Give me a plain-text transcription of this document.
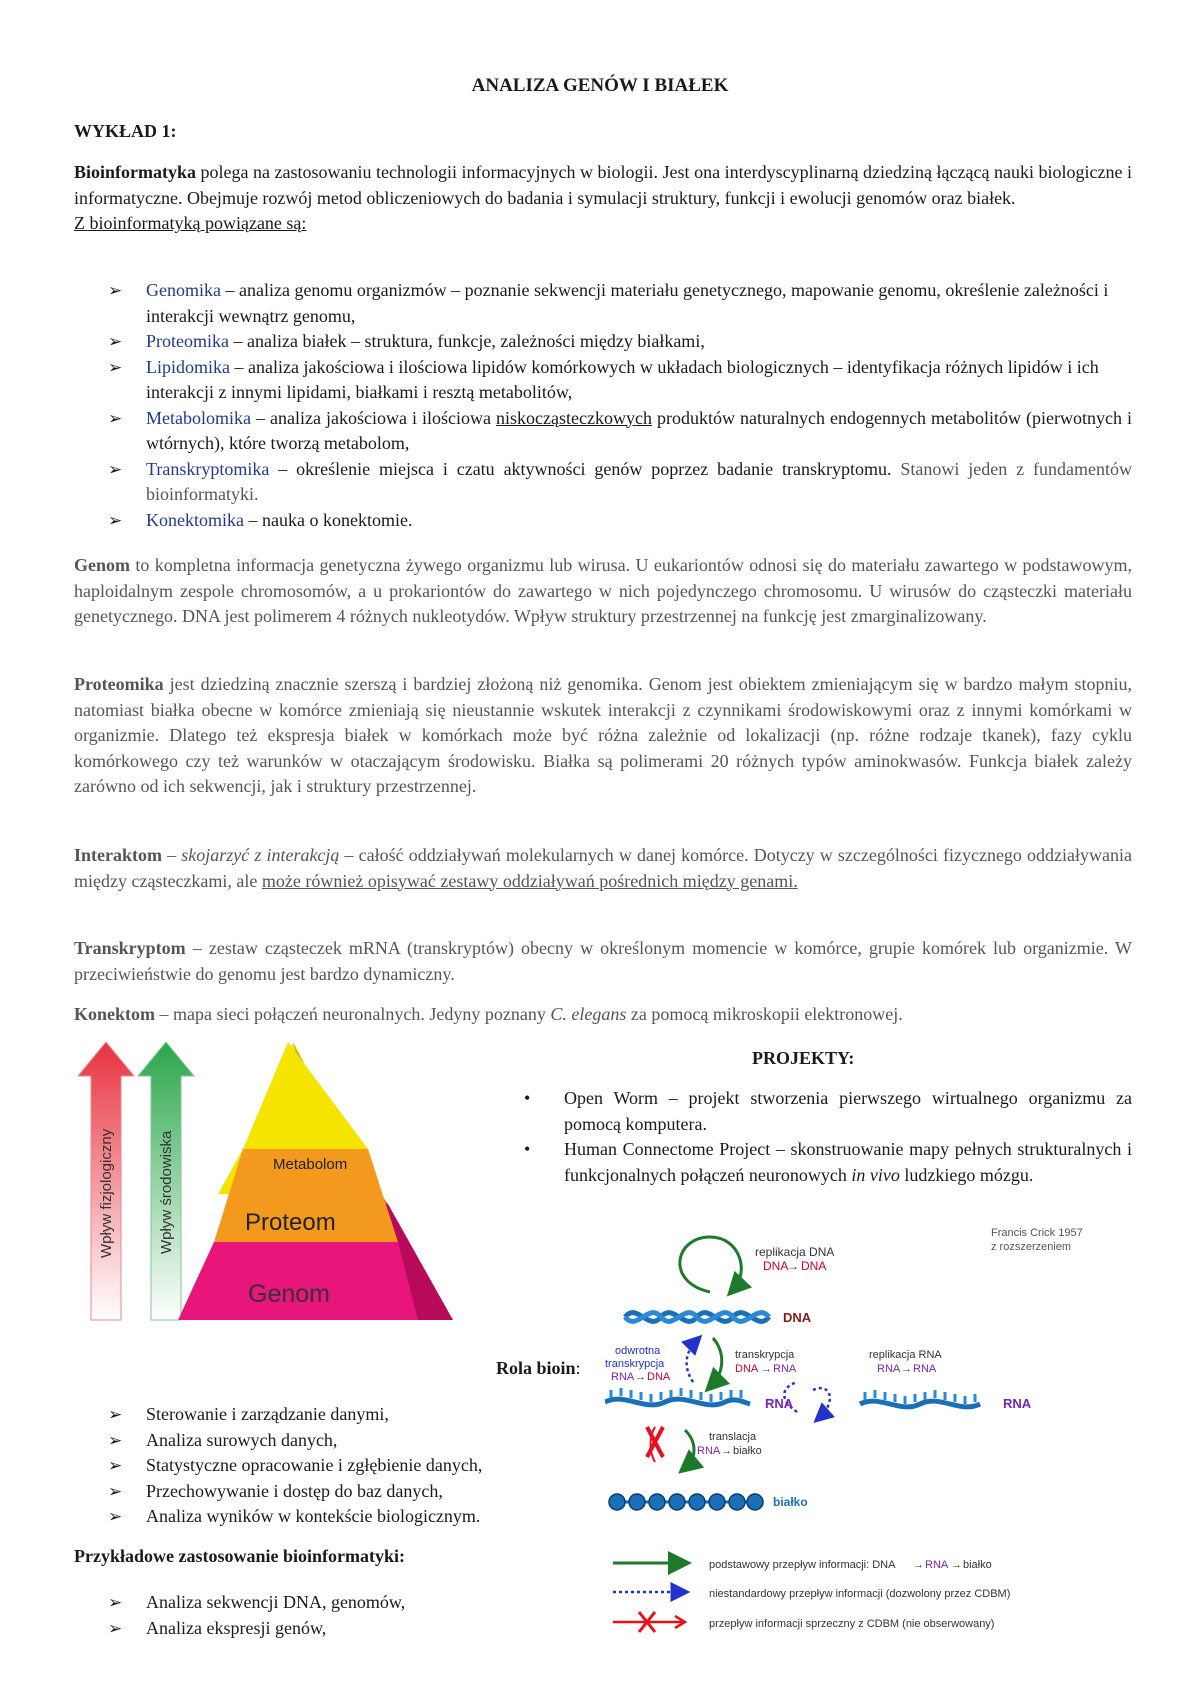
ANALIZA GENÓW I BIAŁEK
WYKŁAD 1:
Bioinformatyka polega na zastosowaniu technologii informacyjnych w biologii. Jest ona interdyscyplinarną dziedziną łączącą nauki biologiczne i informatyczne. Obejmuje rozwój metod obliczeniowych do badania i symulacji struktury, funkcji i ewolucji genomów oraz białek.
Z bioinformatyką powiązane są:
➢ Genomika – analiza genomu organizmów – poznanie sekwencji materiału genetycznego, mapowanie genomu, określenie zależności i interakcji wewnątrz genomu,
➢ Proteomika – analiza białek – struktura, funkcje, zależności między białkami,
➢ Lipidomika – analiza jakościowa i ilościowa lipidów komórkowych w układach biologicznych – identyfikacja różnych lipidów i ich interakcji z innymi lipidami, białkami i resztą metabolitów,
➢ Metabolomika – analiza jakościowa i ilościowa niskocząsteczkowych produktów naturalnych endogennych metabolitów (pierwotnych i wtórnych), które tworzą metabolom,
➢ Transkryptomika – określenie miejsca i czatu aktywności genów poprzez badanie transkryptomu. Stanowi jeden z fundamentów bioinformatyki.
➢ Konektomika – nauka o konektomie.
Genom to kompletna informacja genetyczna żywego organizmu lub wirusa. U eukariontów odnosi się do materiału zawartego w podstawowym, haploidalnym zespole chromosomów, a u prokariontów do zawartego w nich pojedynczego chromosomu. U wirusów do cząsteczki materiału genetycznego. DNA jest polimerem 4 różnych nukleotydów. Wpływ struktury przestrzennej na funkcję jest zmarginalizowany.
Proteomika jest dziedziną znacznie szerszą i bardziej złożoną niż genomika. Genom jest obiektem zmieniającym się w bardzo małym stopniu, natomiast białka obecne w komórce zmieniają się nieustannie wskutek interakcji z czynnikami środowiskowymi oraz z innymi komórkami w organizmie. Dlatego też ekspresja białek w komórkach może być różna zależnie od lokalizacji (np. różne rodzaje tkanek), fazy cyklu komórkowego czy też warunków w otaczającym środowisku. Białka są polimerami 20 różnych typów aminokwasów. Funkcja białek zależy zarówno od ich sekwencji, jak i struktury przestrzennej.
Interaktom – skojarzyć z interakcją – całość oddziaływań molekularnych w danej komórce. Dotyczy w szczególności fizycznego oddziaływania między cząsteczkami, ale może również opisywać zestawy oddziaływań pośrednich między genami.
Transkryptom – zestaw cząsteczek mRNA (transkryptów) obecny w określonym momencie w komórce, grupie komórek lub organizmie. W przeciwieństwie do genomu jest bardzo dynamiczny.
Konektom – mapa sieci połączeń neuronalnych. Jedyny poznany C. elegans za pomocą mikroskopii elektronowej.
Wpływ fizjologiczny	Wpływ środowiska	Metabolom
Proteom
Genom
PROJEKTY:
• Open Worm – projekt stworzenia pierwszego wirtualnego organizmu za pomocą komputera.
• Human Connectome Project – skonstruowanie mapy pełnych strukturalnych i funkcjonalnych połączeń neuronowych in vivo ludzkiego mózgu.
Francis Crick 1957
z rozszerzeniem
replikacja DNA
DNA
→ DNA
DNA
odwrotna
transkrypcja
RNA → DNA
transkrypcja
DNA → RNA
replikacja RNA
RNA → RNA
RNA	RNA
translacja
RNA → białko
białko
podstawowy przepływ informacji: DNA → RNA → białko
niestandardowy przepływ informacji (dozwolony przez CDBM)
przepływ informacji sprzeczny z CDBM (nie obserwowany)
Rola bioin:
➢ Sterowanie i zarządzanie danymi,
➢ Analiza surowych danych,
➢ Statystyczne opracowanie i zgłębienie danych,
➢ Przechowywanie i dostęp do baz danych,
➢ Analiza wyników w kontekście biologicznym.
Przykładowe zastosowanie bioinformatyki:
➢ Analiza sekwencji DNA, genomów,
➢ Analiza ekspresji genów,
